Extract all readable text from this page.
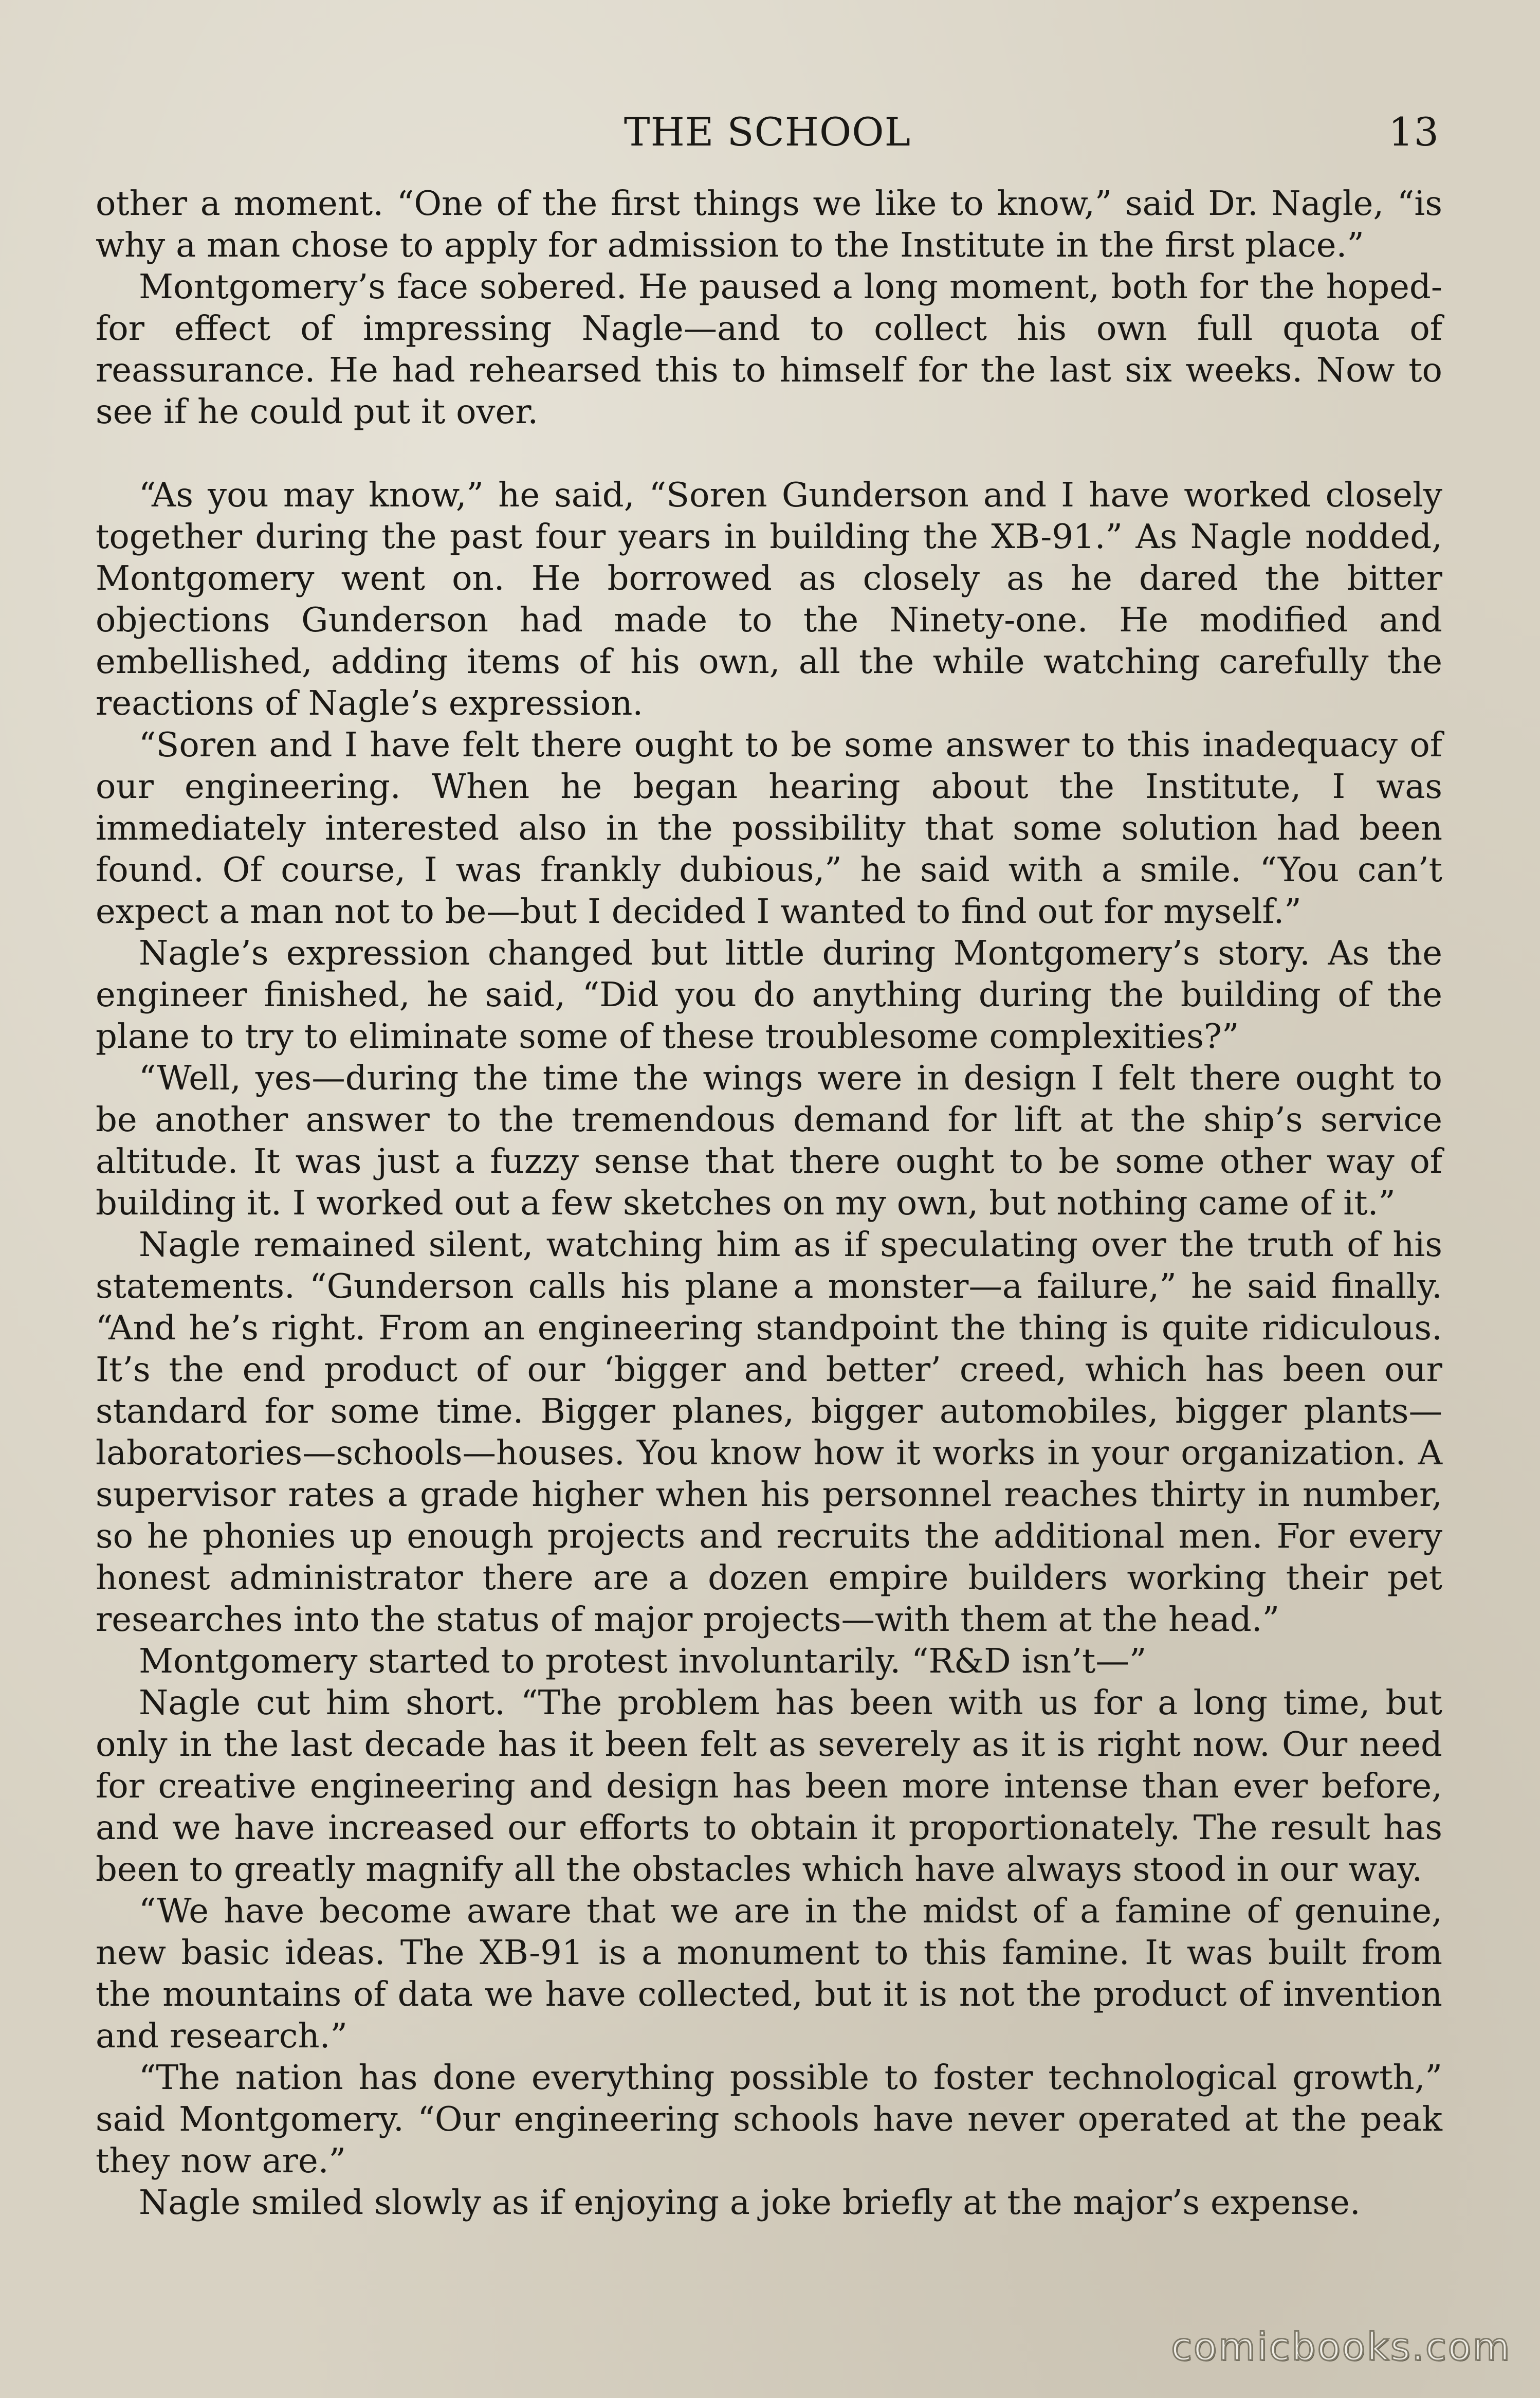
THE SCHOOL	13

other a moment. “One of the first things we like to know,” said Dr. Nagle, “is why a man chose to apply for admission to the Institute in the first place.”

Montgomery’s face sobered. He paused a long moment, both for the hoped-for effect of impressing Nagle—and to collect his own full quota of reassurance. He had rehearsed this to himself for the last six weeks. Now to see if he could put it over.

“As you may know,” he said, “Soren Gunderson and I have worked closely together during the past four years in building the XB-91.” As Nagle nodded, Montgomery went on. He borrowed as closely as he dared the bitter objections Gunderson had made to the Ninety-one. He modified and embellished, adding items of his own, all the while watching carefully the reactions of Nagle’s expression.

“Soren and I have felt there ought to be some answer to this inadequacy of our engineering. When he began hearing about the Institute, I was immediately interested also in the possibility that some solution had been found. Of course, I was frankly dubious,” he said with a smile. “You can’t expect a man not to be—but I decided I wanted to find out for myself.”

Nagle’s expression changed but little during Montgomery’s story. As the engineer finished, he said, “Did you do anything during the building of the plane to try to eliminate some of these troublesome complexities?”

“Well, yes—during the time the wings were in design I felt there ought to be another answer to the tremendous demand for lift at the ship’s service altitude. It was just a fuzzy sense that there ought to be some other way of building it. I worked out a few sketches on my own, but nothing came of it.”

Nagle remained silent, watching him as if speculating over the truth of his statements. “Gunderson calls his plane a monster—a failure,” he said finally. “And he’s right. From an engineering standpoint the thing is quite ridiculous. It’s the end product of our ‘bigger and better’ creed, which has been our standard for some time. Bigger planes, bigger automobiles, bigger plants—laboratories—schools—houses. You know how it works in your organization. A supervisor rates a grade higher when his personnel reaches thirty in number, so he phonies up enough projects and recruits the additional men. For every honest administrator there are a dozen empire builders working their pet researches into the status of major projects—with them at the head.”

Montgomery started to protest involuntarily. “R&D isn’t—”

Nagle cut him short. “The problem has been with us for a long time, but only in the last decade has it been felt as severely as it is right now. Our need for creative engineering and design has been more intense than ever before, and we have increased our efforts to obtain it proportionately. The result has been to greatly magnify all the obstacles which have always stood in our way.

“We have become aware that we are in the midst of a famine of genuine, new basic ideas. The XB-91 is a monument to this famine. It was built from the mountains of data we have collected, but it is not the product of invention and research.”

“The nation has done everything possible to foster technological growth,” said Montgomery. “Our engineering schools have never operated at the peak they now are.”

Nagle smiled slowly as if enjoying a joke briefly at the major’s expense.

comicbooks.com
